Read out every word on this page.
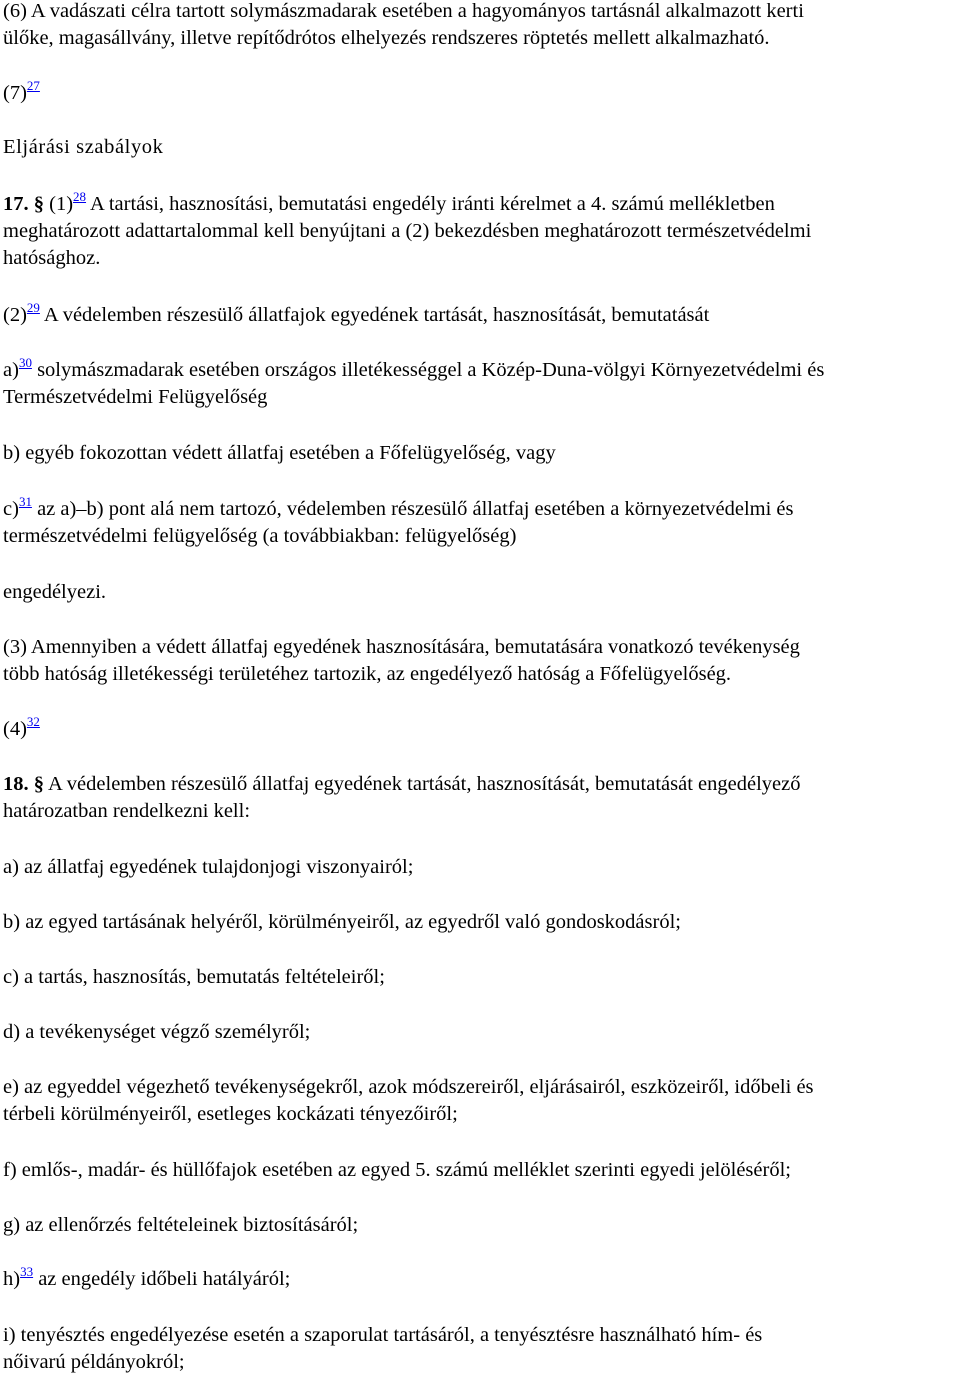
(6) A vadászati célra tartott solymászmadarak esetében a hagyományos tartásnál alkalmazott kerti
ülőke, magasállvány, illetve repítődrótos elhelyezés rendszeres röptetés mellett alkalmazható.
(7)$^{27}$
Eljárási szabályok
17. § (1)$^{28}$ A tartási, hasznosítási, bemutatási engedély iránti kérelmet a 4. számú mellékletben
meghatározott adattartalommal kell benyújtani a (2) bekezdésben meghatározott természetvédelmi
hatósághoz.
(2)$^{29}$ A védelemben részesülő állatfajok egyedének tartását, hasznosítását, bemutatását
a)$^{30}$ solymászmadarak esetében országos illetékességgel a Közép-Duna-völgyi Környezetvédelmi és
Természetvédelmi Felügyelőség
b) egyéb fokozottan védett állatfaj esetében a Főfelügyelőség, vagy
c)$^{31}$ az a)–b) pont alá nem tartozó, védelemben részesülő állatfaj esetében a környezetvédelmi és
természetvédelmi felügyelőség (a továbbiakban: felügyelőség)
engedélyezi.
(3) Amennyiben a védett állatfaj egyedének hasznosítására, bemutatására vonatkozó tevékenység
több hatóság illetékességi területéhez tartozik, az engedélyező hatóság a Főfelügyelőség.
(4)$^{32}$
18. § A védelemben részesülő állatfaj egyedének tartását, hasznosítását, bemutatását engedélyező
határozatban rendelkezni kell:
a) az állatfaj egyedének tulajdonjogi viszonyairól;
b) az egyed tartásának helyéről, körülményeiről, az egyedről való gondoskodásról;
c) a tartás, hasznosítás, bemutatás feltételeiről;
d) a tevékenységet végző személyről;
e) az egyeddel végezhető tevékenységekről, azok módszereiről, eljárásairól, eszközeiről, időbeli és
térbeli körülményeiről, esetleges kockázati tényezőiről;
f) emlős-, madár- és hüllőfajok esetében az egyed 5. számú melléklet szerinti egyedi jelöléséről;
g) az ellenőrzés feltételeinek biztosításáról;
h)$^{33}$ az engedély időbeli hatályáról;
i) tenyésztés engedélyezése esetén a szaporulat tartásáról, a tenyésztésre használható hím- és
nőivarú példányokról;
